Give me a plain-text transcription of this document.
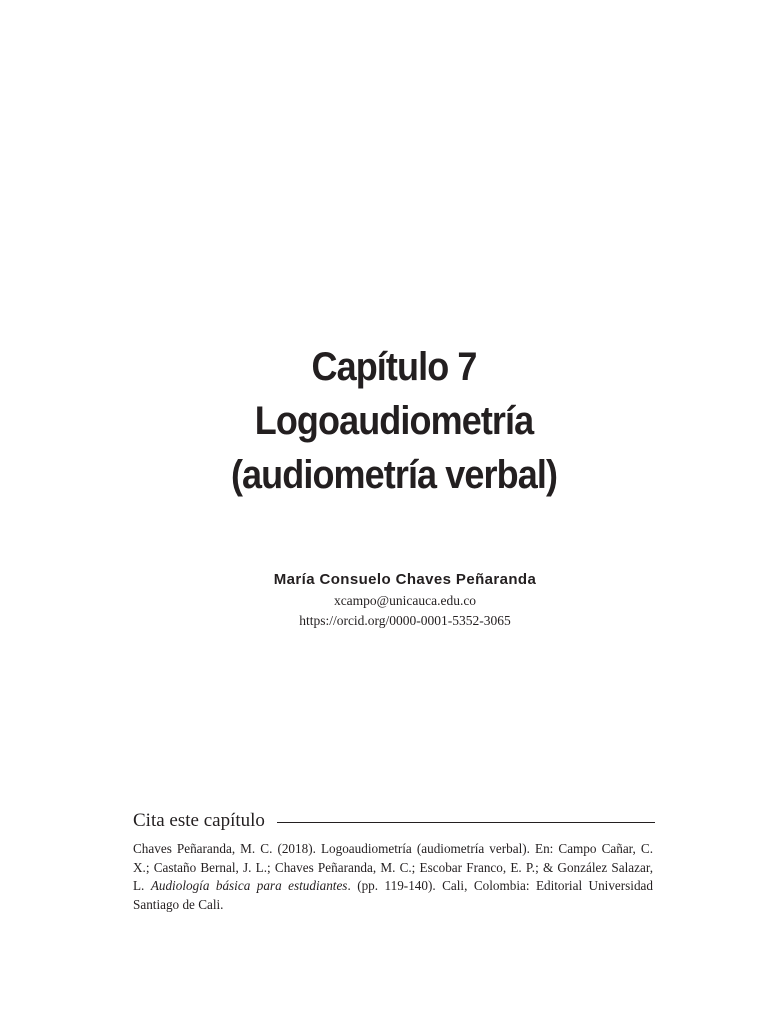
Capítulo 7
Logoaudiometría
(audiometría verbal)
María Consuelo Chaves Peñaranda
xcampo@unicauca.edu.co
https://orcid.org/0000-0001-5352-3065
Cita este capítulo
Chaves Peñaranda, M. C. (2018). Logoaudiometría (audiometría verbal). En: Campo Cañar, C. X.; Castaño Bernal, J. L.; Chaves Peñaranda, M. C.; Escobar Franco, E. P.; & González Salazar, L. Audiología básica para estudiantes. (pp. 119-140). Cali, Colombia: Editorial Universidad Santiago de Cali.
